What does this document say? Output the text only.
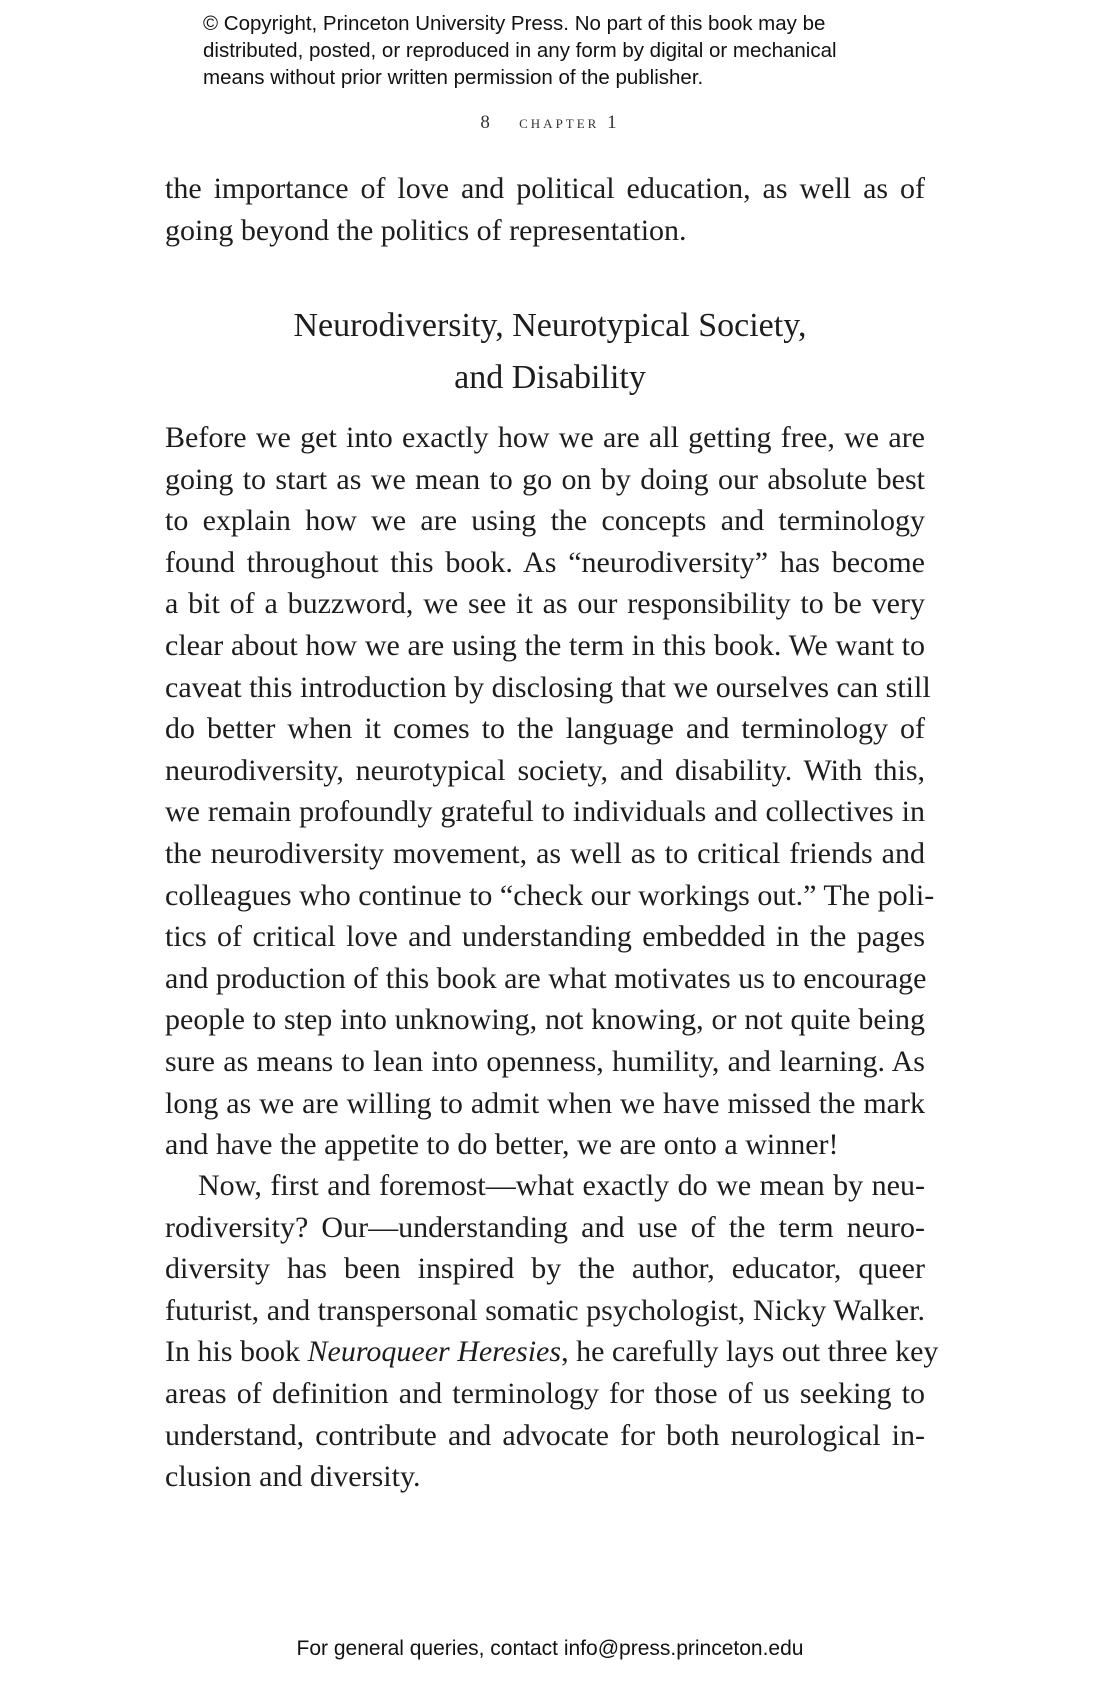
© Copyright, Princeton University Press. No part of this book may be
distributed, posted, or reproduced in any form by digital or mechanical
means without prior written permission of the publisher.
8 chapter 1
the importance of love and political education, as well as of
going beyond the politics of representation.
Neurodiversity, Neurotypical Society,
and Disability
Before we get into exactly how we are all getting free, we are
going to start as we mean to go on by doing our absolute best
to explain how we are using the concepts and terminology
found throughout this book. As “neurodiversity” has become
a bit of a buzzword, we see it as our responsibility to be very
clear about how we are using the term in this book. We want to
caveat this introduction by disclosing that we ourselves can still
do better when it comes to the language and terminology of
neurodiversity, neurotypical society, and disability. With this,
we remain profoundly grateful to individuals and collectives in
the neurodiversity movement, as well as to critical friends and
colleagues who continue to “check our workings out.” The poli-
tics of critical love and understanding embedded in the pages
and production of this book are what motivates us to encourage
people to step into unknowing, not knowing, or not quite being
sure as means to lean into openness, humility, and learning. As
long as we are willing to admit when we have missed the mark
and have the appetite to do better, we are onto a winner!
Now, first and foremost—what exactly do we mean by neu-
rodiversity? Our—understanding and use of the term neuro-
diversity has been inspired by the author, educator, queer
futurist, and transpersonal somatic psychologist, Nicky Walker.
In his book Neuroqueer Heresies, he carefully lays out three key
areas of definition and terminology for those of us seeking to
understand, contribute and advocate for both neurological in-
clusion and diversity.
For general queries, contact info@press.princeton.edu
